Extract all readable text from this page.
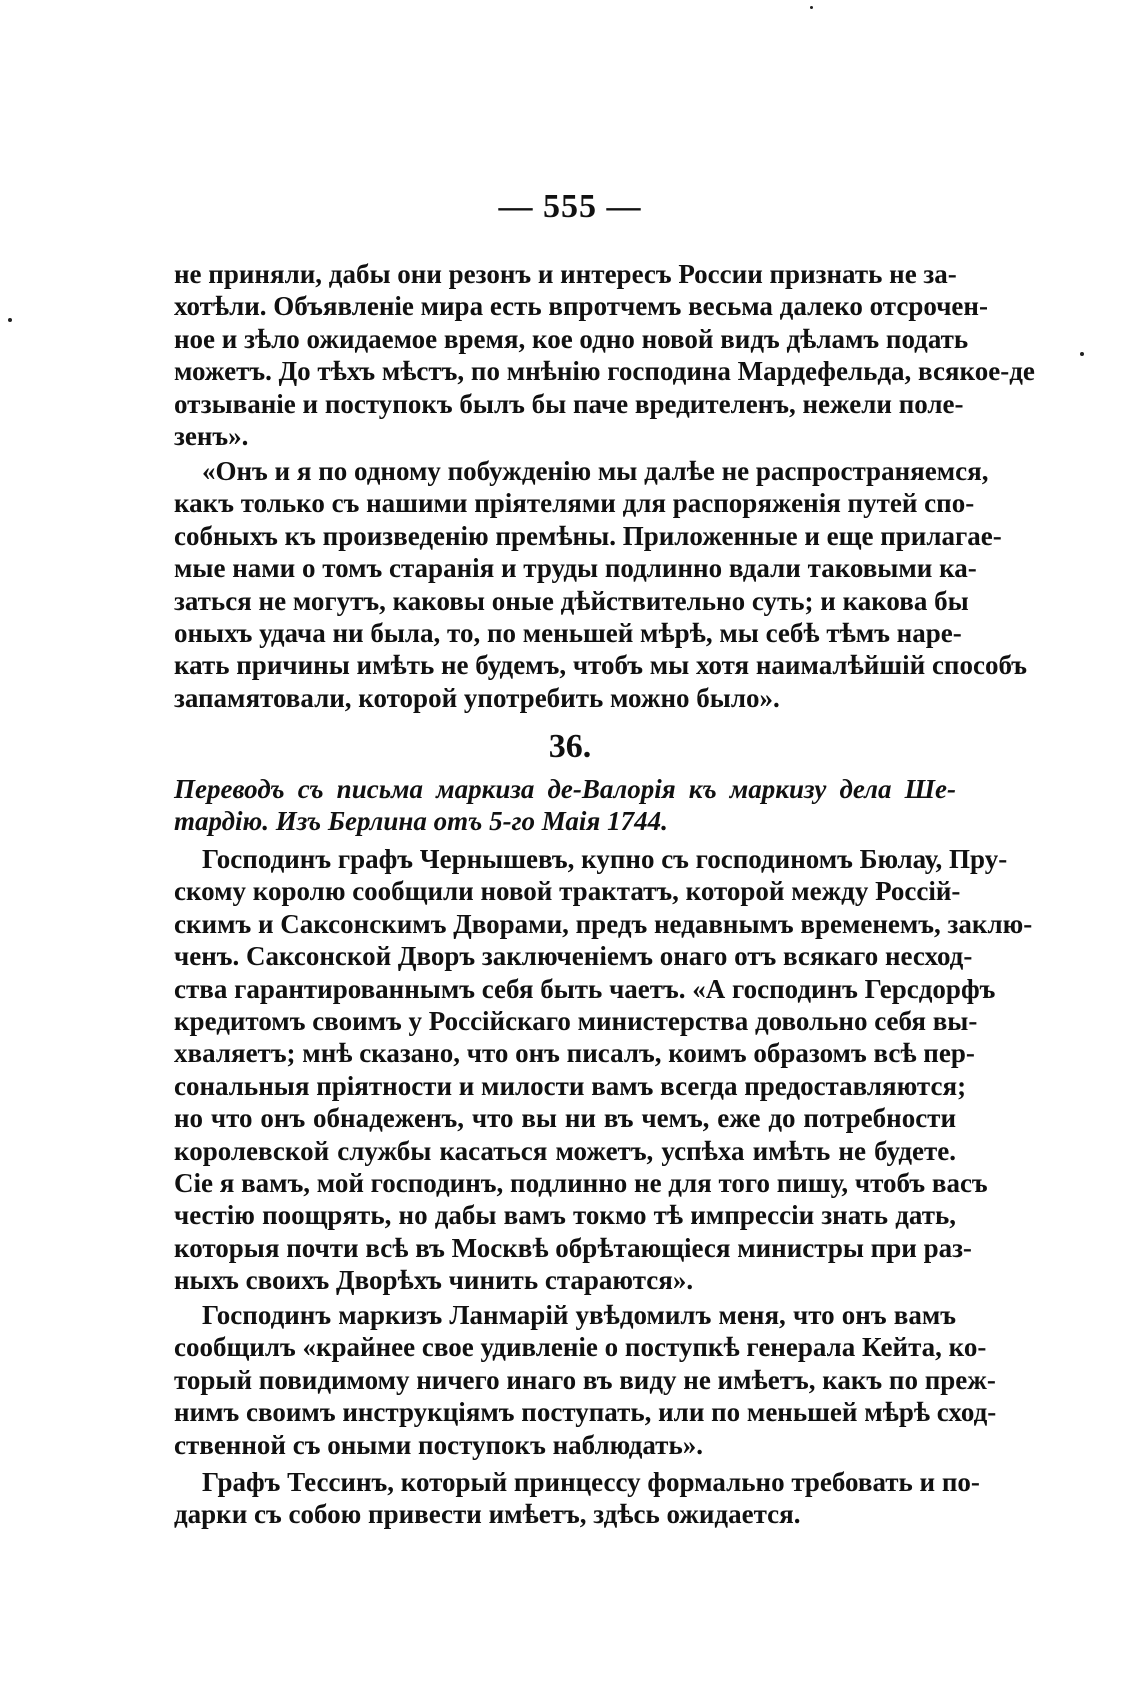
— 555 —
не приняли, дабы они резонъ и интересъ России признать не за-
хотѣли. Объявленiе мира есть впротчемъ весьма далеко отсрочен-
ное и зѣло ожидаемое время, кое одно новой видъ дѣламъ подать
можетъ. До тѣхъ мѣстъ, по мнѣнiю господина Мардефельда, всякое-де
отзыванiе и поступокъ былъ бы паче вредителенъ, нежели поле-
зенъ».
«Онъ и я по одному побужденiю мы далѣе не распространяемся,
какъ только съ нашими прiятелями для распоряженiя путей спо-
собныхъ къ произведенiю премѣны. Приложенные и еще прилагае-
мые нами о томъ старанiя и труды подлинно вдали таковыми ка-
заться не могутъ, каковы оные дѣйствительно суть; и какова бы
оныхъ удача ни была, то, по меньшей мѣрѣ, мы себѣ тѣмъ наре-
кать причины имѣть не будемъ, чтобъ мы хотя наималѣйшiй способъ
запамятовали, которой употребить можно было».
36.
Переводъ съ письма маркиза де-Валорiя къ маркизу дела Ше-
тардiю. Изъ Берлина отъ 5-го Маiя 1744.
Господинъ графъ Чернышевъ, купно съ господиномъ Бюлау, Пру-
скому королю сообщили новой трактатъ, которой между Россiй-
скимъ и Саксонскимъ Дворами, предъ недавнымъ временемъ, заклю-
ченъ. Саксонской Дворъ заключенiемъ онаго отъ всякаго несход-
ства гарантированнымъ себя быть чаетъ. «А господинъ Герсдорфъ
кредитомъ своимъ у Россiйскаго министерства довольно себя вы-
хваляетъ; мнѣ сказано, что онъ писалъ, коимъ образомъ всѣ пер-
сональныя прiятности и милости вамъ всегда предоставляются;
но что онъ обнадеженъ, что вы ни въ чемъ, еже до потребности
королевской службы касаться можетъ, успѣха имѣть не будете.
Сiе я вамъ, мой господинъ, подлинно не для того пишу, чтобъ васъ
честiю поощрять, но дабы вамъ токмо тѣ импрессiи знать дать,
которыя почти всѣ въ Москвѣ обрѣтающiеся министры при раз-
ныхъ своихъ Дворѣхъ чинить стараются».
Господинъ маркизъ Ланмарiй увѣдомилъ меня, что онъ вамъ
сообщилъ «крайнее свое удивленiе о поступкѣ генерала Кейта, ко-
торый повидимому ничего инаго въ виду не имѣетъ, какъ по преж-
нимъ своимъ инструкцiямъ поступать, или по меньшей мѣрѣ сход-
ственной съ оными поступокъ наблюдать».
Графъ Тессинъ, который принцессу формально требовать и по-
дарки съ собою привести имѣетъ, здѣсь ожидается.
